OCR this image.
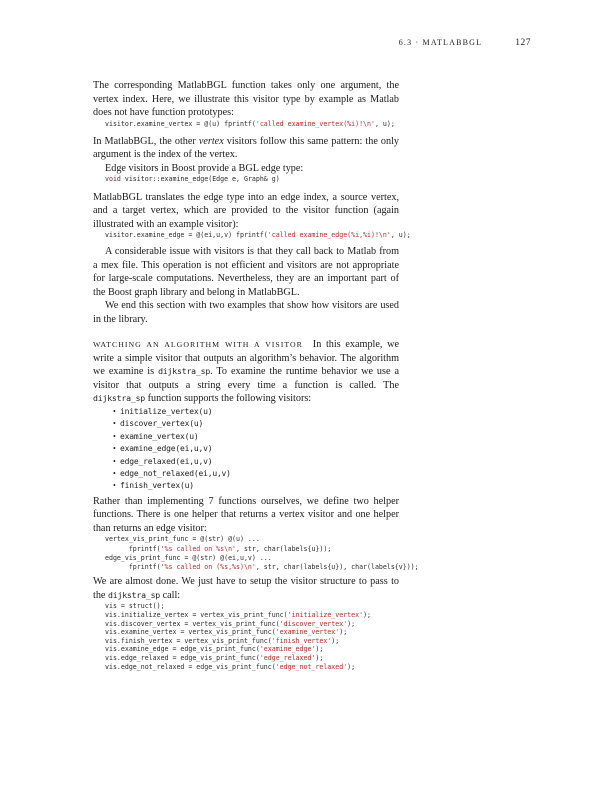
6.3 · MATLABBGL	127

The corresponding MatlabBGL function takes only one argument, the vertex index. Here, we illustrate this visitor type by example as Matlab does not have function prototypes:

visitor.examine_vertex = @(u) fprintf('called examine_vertex(%i)!\n', u);

In MatlabBGL, the other vertex visitors follow this same pattern: the only argument is the index of the vertex.

Edge visitors in Boost provide a BGL edge type:

void visitor::examine_edge(Edge e, Graph& g)

MatlabBGL translates the edge type into an edge index, a source vertex, and a target vertex, which are provided to the visitor function (again illustrated with an example visitor):

visitor.examine_edge = @(ei,u,v) fprintf('called examine_edge(%i,%i)!\n', u);

A considerable issue with visitors is that they call back to Matlab from a mex file. This operation is not efficient and visitors are not appropriate for large-scale computations. Nevertheless, they are an important part of the Boost graph library and belong in MatlabBGL.

We end this section with two examples that show how visitors are used in the library.

WATCHING AN ALGORITHM WITH A VISITOR In this example, we write a simple visitor that outputs an algorithm’s behavior. The algorithm we examine is dijkstra_sp. To examine the runtime behavior we use a visitor that outputs a string every time a function is called. The dijkstra_sp function supports the following visitors:

• initialize_vertex(u)
• discover_vertex(u)
• examine_vertex(u)
• examine_edge(ei,u,v)
• edge_relaxed(ei,u,v)
• edge_not_relaxed(ei,u,v)
• finish_vertex(u)

Rather than implementing 7 functions ourselves, we define two helper functions. There is one helper that returns a vertex visitor and one helper than returns an edge visitor:

vertex_vis_print_func = @(str) @(u) ...
fprintf('%s called on %s\n', str, char(labels{u}));
edge_vis_print_func = @(str) @(ei,u,v) ...
fprintf('%s called on (%s,%s)\n', str, char(labels{u}), char(labels{v}));

We are almost done. We just have to setup the visitor structure to pass to the dijkstra_sp call:

vis = struct();
vis.initialize_vertex = vertex_vis_print_func('initialize_vertex');
vis.discover_vertex = vertex_vis_print_func('discover_vertex');
vis.examine_vertex = vertex_vis_print_func('examine_vertex');
vis.finish_vertex = vertex_vis_print_func('finish_vertex');
vis.examine_edge = edge_vis_print_func('examine_edge');
vis.edge_relaxed = edge_vis_print_func('edge_relaxed');
vis.edge_not_relaxed = edge_vis_print_func('edge_not_relaxed');
